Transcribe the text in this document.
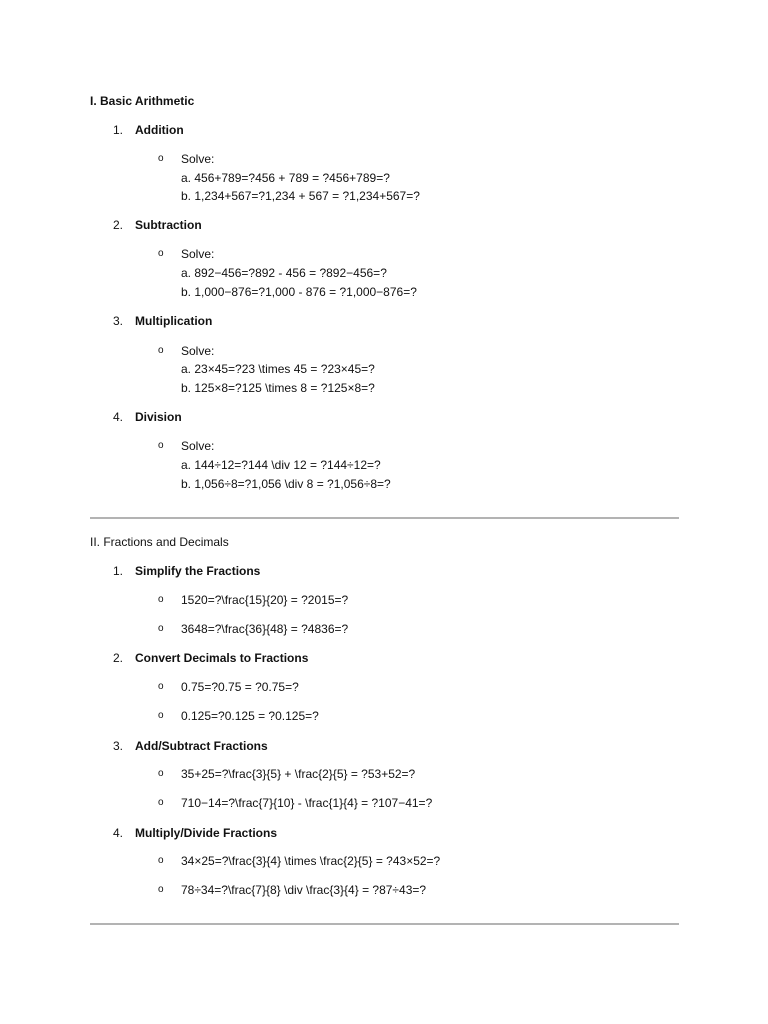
I. Basic Arithmetic
1. Addition
o Solve:
a. 456+789=?456 + 789 = ?456+789=?
b. 1,234+567=?1,234 + 567 = ?1,234+567=?
2. Subtraction
o Solve:
a. 892−456=?892 - 456 = ?892−456=?
b. 1,000−876=?1,000 - 876 = ?1,000−876=?
3. Multiplication
o Solve:
a. 23×45=?23 \times 45 = ?23×45=?
b. 125×8=?125 \times 8 = ?125×8=?
4. Division
o Solve:
a. 144÷12=?144 \div 12 = ?144÷12=?
b. 1,056÷8=?1,056 \div 8 = ?1,056÷8=?
II. Fractions and Decimals
1. Simplify the Fractions
o 1520=?\frac{15}{20} = ?2015=?
o 3648=?\frac{36}{48} = ?4836=?
2. Convert Decimals to Fractions
o 0.75=?0.75 = ?0.75=?
o 0.125=?0.125 = ?0.125=?
3. Add/Subtract Fractions
o 35+25=?\frac{3}{5} + \frac{2}{5} = ?53+52=?
o 710−14=?\frac{7}{10} - \frac{1}{4} = ?107−41=?
4. Multiply/Divide Fractions
o 34×25=?\frac{3}{4} \times \frac{2}{5} = ?43×52=?
o 78÷34=?\frac{7}{8} \div \frac{3}{4} = ?87÷43=?
